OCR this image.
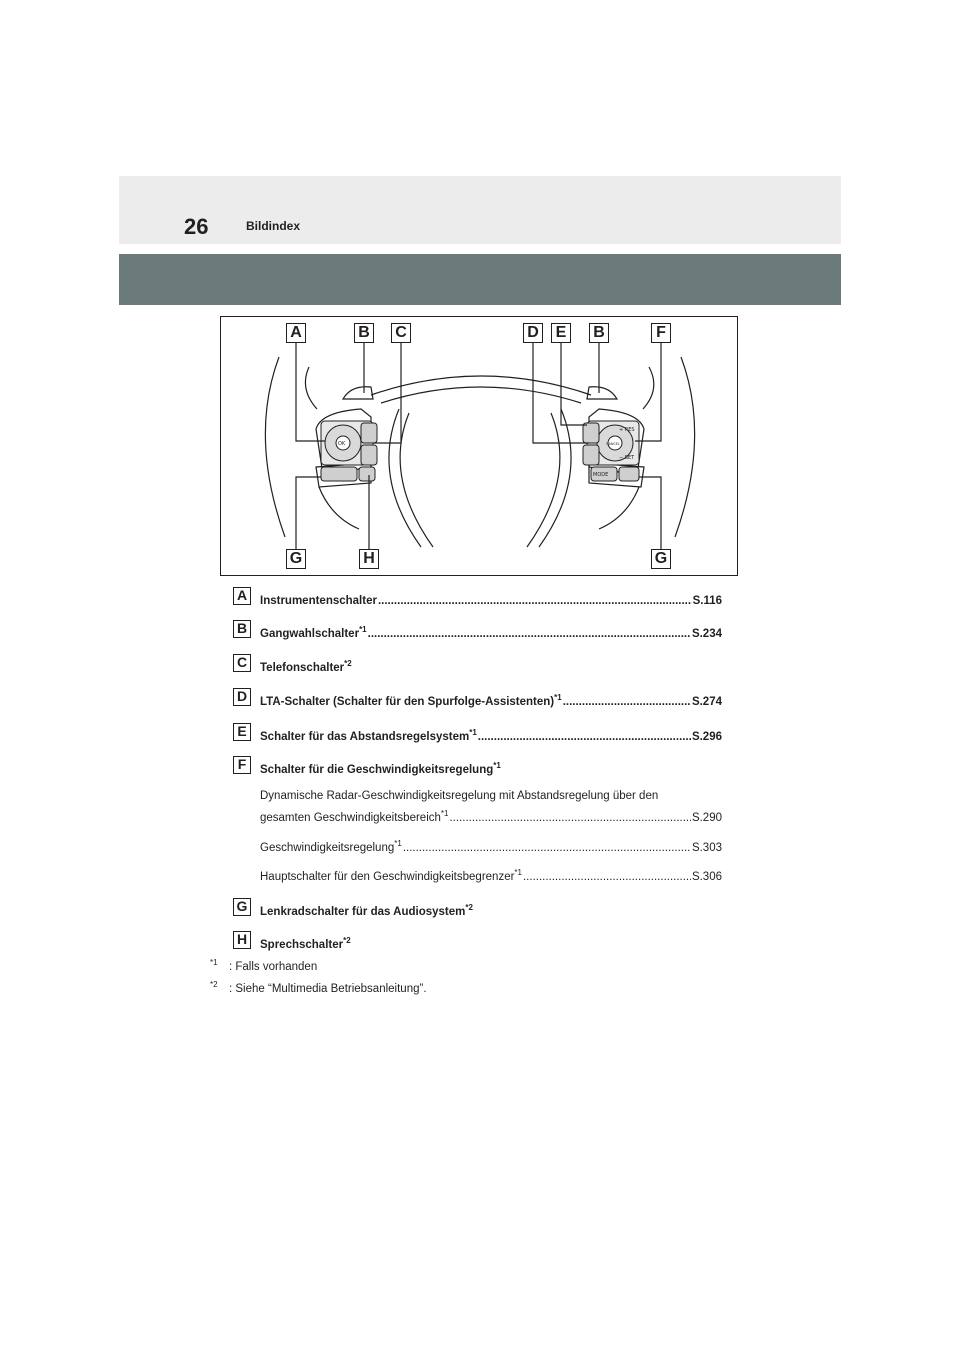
26	Bildindex
OK
+ RES
− SET
MODE
CANCEL
A	B C	D E B	F
G	H	G
A	Instrumentenschalter .....	S.116
B	Gangwahlschalter$^{*1}$ .....	S.234
C	Telefonschalter$^{*2}$
D	LTA-Schalter (Schalter für den Spurfolge-Assistenten)$^{*1}$ .....	S.274
E	Schalter für das Abstandsregelsystem$^{*1}$ .....	S.296
F	Schalter für die Geschwindigkeitsregelung$^{*1}$
Dynamische Radar-Geschwindigkeitsregelung mit Abstandsregelung über den
gesamten Geschwindigkeitsbereich$^{*1}$ .....	S.290
Geschwindigkeitsregelung$^{*1}$ .....	S.303
Hauptschalter für den Geschwindigkeitsbegrenzer$^{*1}$ .....	S.306
G	Lenkradschalter für das Audiosystem$^{*2}$
H	Sprechschalter$^{*2}$
$^{*1}$ : Falls vorhanden
$^{*2}$ : Siehe “Multimedia Betriebsanleitung”.
